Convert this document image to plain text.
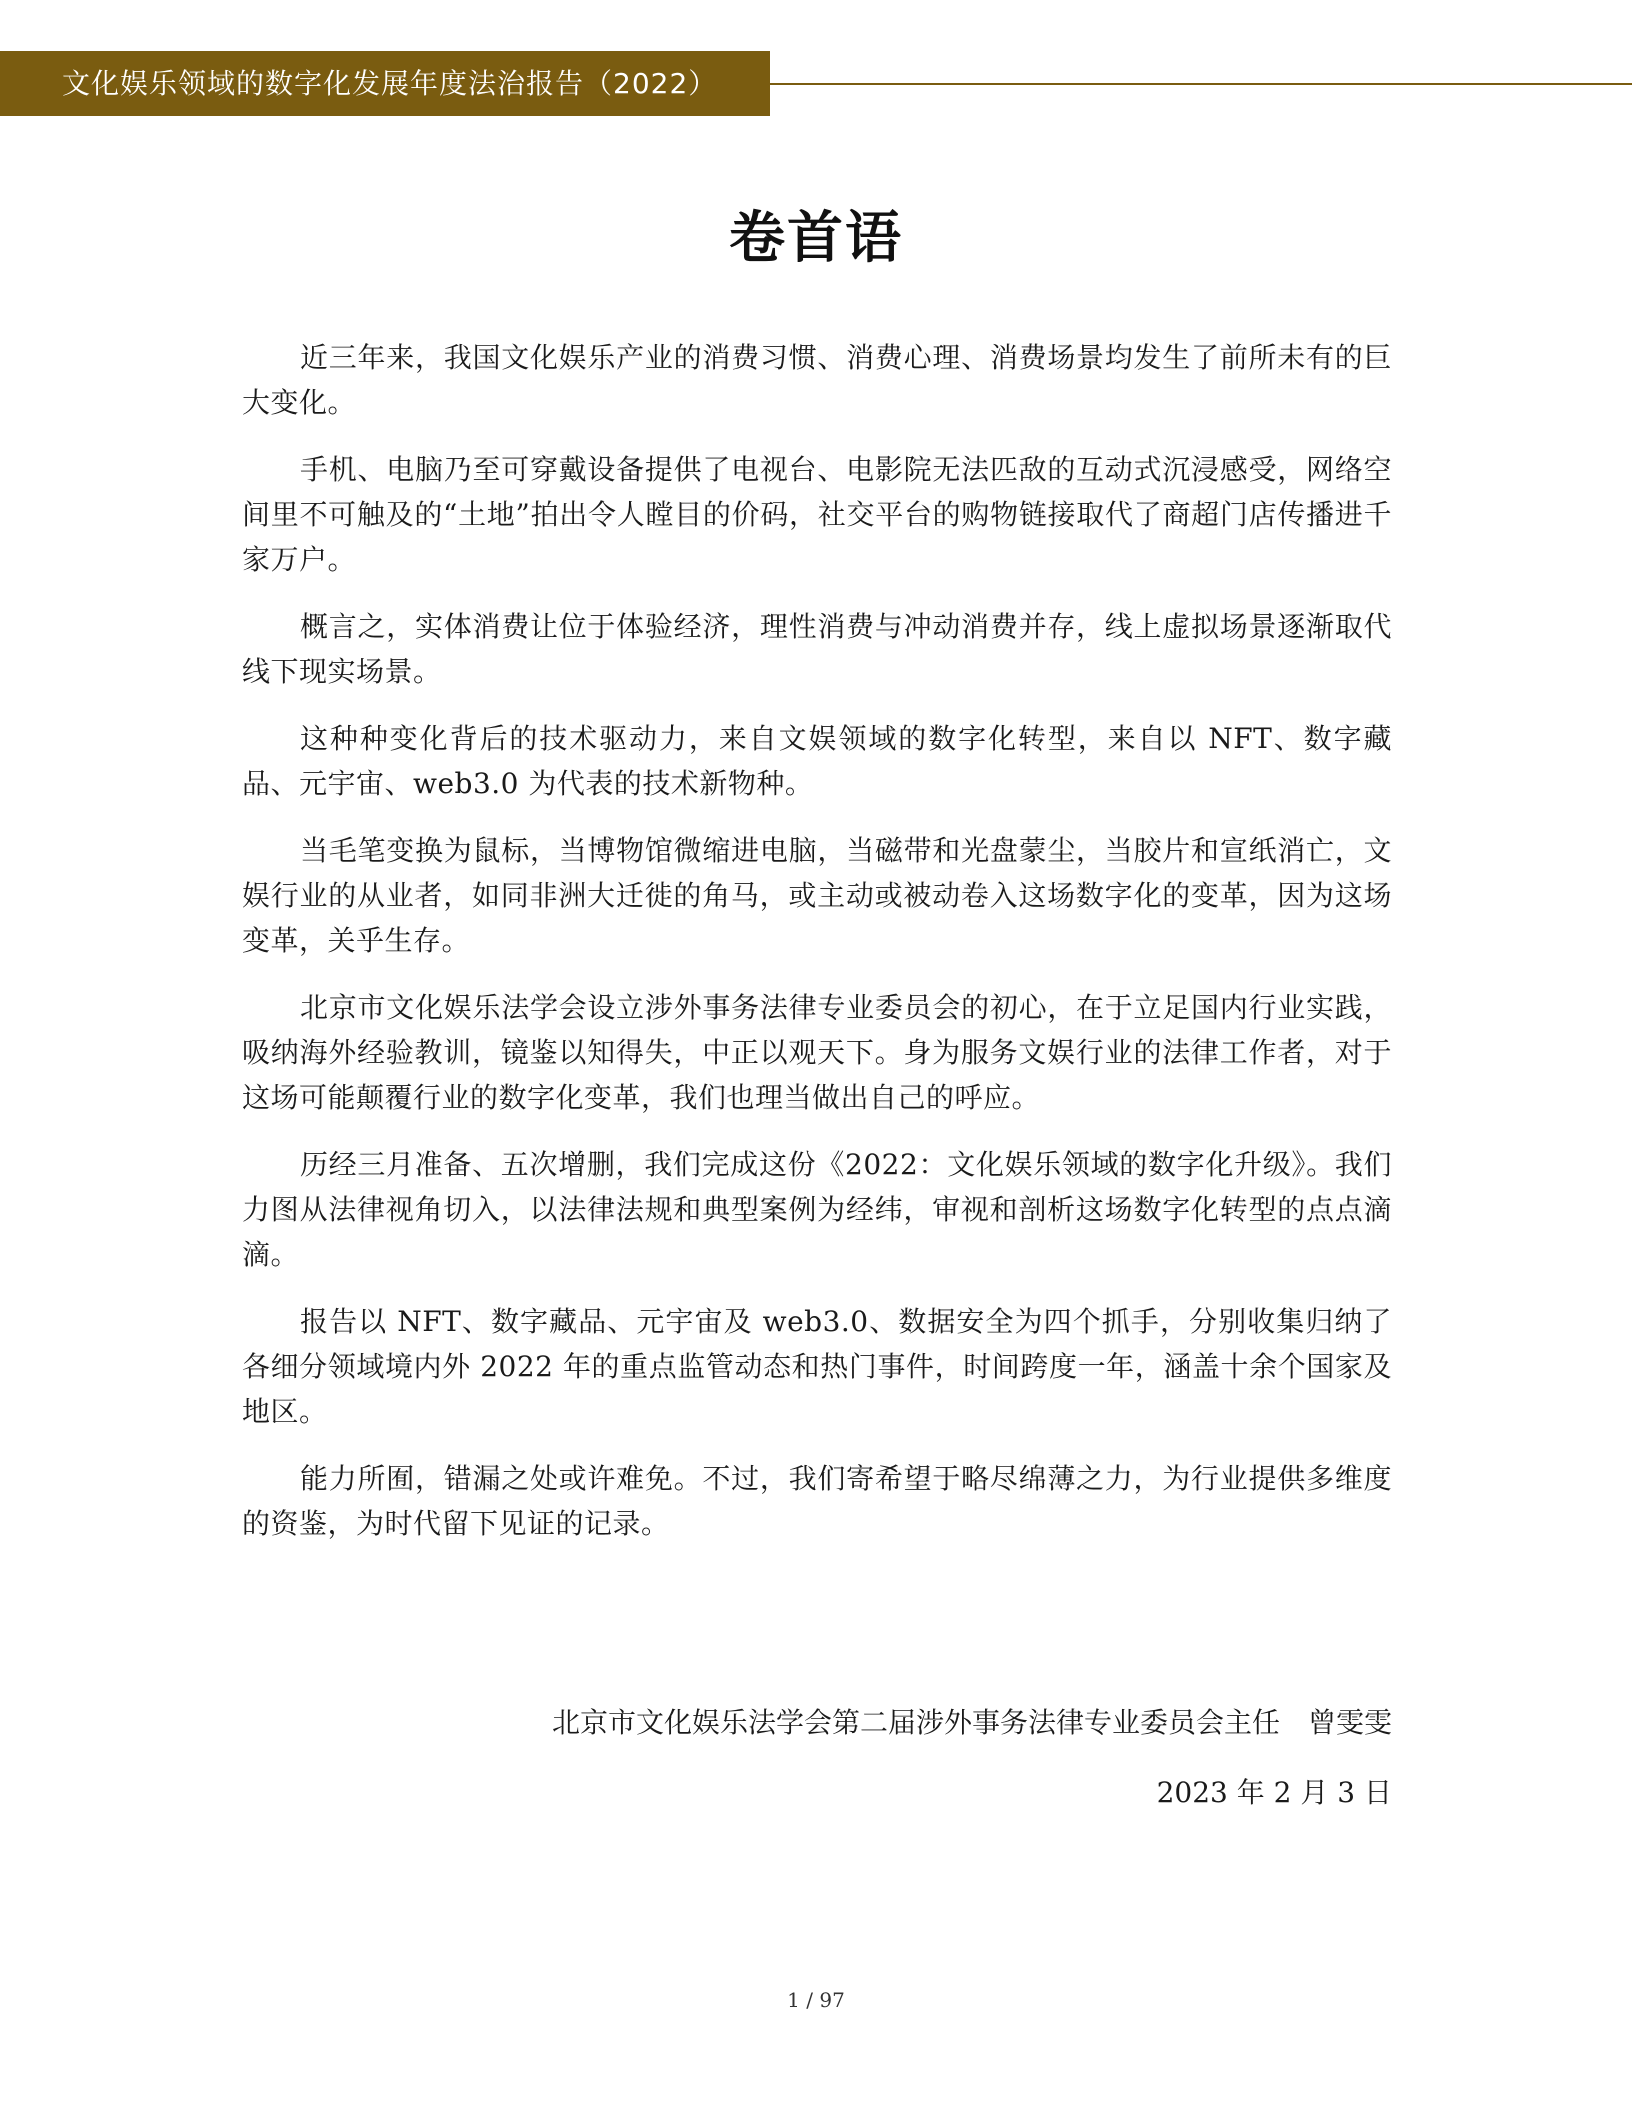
文化娱乐领域的数字化发展年度法治报告（2022）
卷首语

近三年来，我国文化娱乐产业的消费习惯、消费心理、消费场景均发生了前所未有的巨大变化。

手机、电脑乃至可穿戴设备提供了电视台、电影院无法匹敌的互动式沉浸感受，网络空间里不可触及的“土地”拍出令人瞠目的价码，社交平台的购物链接取代了商超门店传播进千家万户。

概言之，实体消费让位于体验经济，理性消费与冲动消费并存，线上虚拟场景逐渐取代线下现实场景。

这种种变化背后的技术驱动力，来自文娱领域的数字化转型，来自以 NFT、数字藏品、元宇宙、web3.0 为代表的技术新物种。

当毛笔变换为鼠标，当博物馆微缩进电脑，当磁带和光盘蒙尘，当胶片和宣纸消亡，文娱行业的从业者，如同非洲大迁徙的角马，或主动或被动卷入这场数字化的变革，因为这场变革，关乎生存。

北京市文化娱乐法学会设立涉外事务法律专业委员会的初心，在于立足国内行业实践，吸纳海外经验教训，镜鉴以知得失，中正以观天下。身为服务文娱行业的法律工作者，对于这场可能颠覆行业的数字化变革，我们也理当做出自己的呼应。

历经三月准备、五次增删，我们完成这份《2022：文化娱乐领域的数字化升级》。我们力图从法律视角切入，以法律法规和典型案例为经纬，审视和剖析这场数字化转型的点点滴滴。

报告以 NFT、数字藏品、元宇宙及 web3.0、数据安全为四个抓手，分别收集归纳了各细分领域境内外 2022 年的重点监管动态和热门事件，时间跨度一年，涵盖十余个国家及地区。

能力所囿，错漏之处或许难免。不过，我们寄希望于略尽绵薄之力，为行业提供多维度的资鉴，为时代留下见证的记录。

北京市文化娱乐法学会第二届涉外事务法律专业委员会主任　曾雯雯
2023 年 2 月 3 日
1 / 97
